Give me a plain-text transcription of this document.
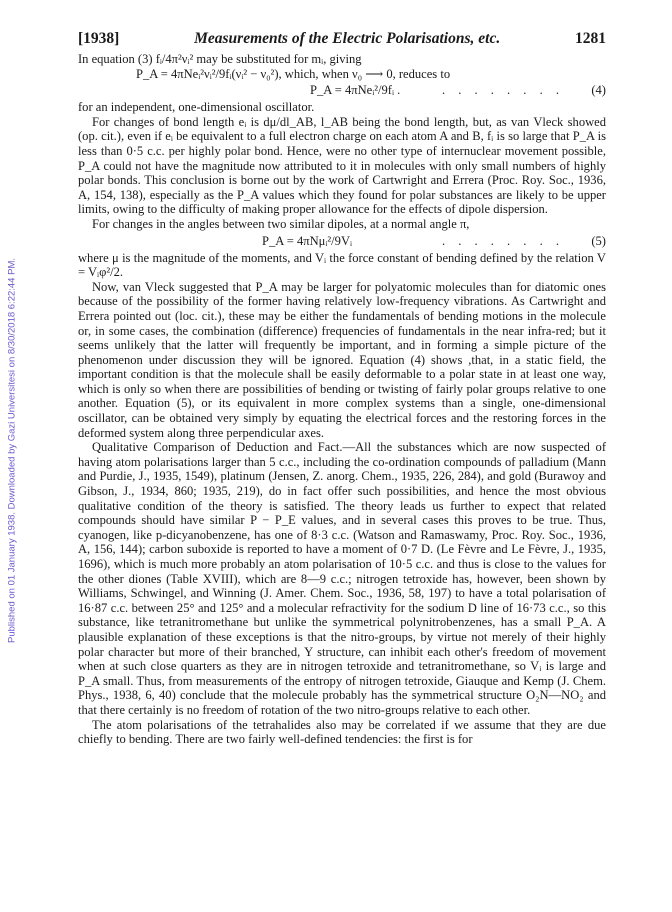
Published on 01 January 1938. Downloaded by Gazi Universitesi on 8/30/2018 6:22:44 PM.
[1938]	Measurements of the Electric Polarisations, etc.	1281

In equation (3) fᵢ/4π²νᵢ² may be substituted for mᵢ, giving

P_A = 4πNeᵢ²νᵢ²/9fᵢ(νᵢ² − ν₀²), which, when ν₀ ⟶ 0, reduces to

P_A = 4πNeᵢ²/9fᵢ .	. . . . . . . .	(4)

for an independent, one-dimensional oscillator.

For changes of bond length eᵢ is dμ/dl_AB, l_AB being the bond length, but, as van Vleck showed (op. cit.), even if eᵢ be equivalent to a full electron charge on each atom A and B, fᵢ is so large that P_A is less than 0·5 c.c. per highly polar bond. Hence, were no other type of internuclear movement possible, P_A could not have the magnitude now attributed to it in molecules with only small numbers of highly polar bonds. This conclusion is borne out by the work of Cartwright and Errera (Proc. Roy. Soc., 1936, A, 154, 138), especially as the P_A values which they found for polar substances are likely to be upper limits, owing to the difficulty of making proper allowance for the effects of dipole dispersion.

For changes in the angles between two similar dipoles, at a normal angle π,

P_A = 4πNμᵢ²/9Vᵢ	. . . . . . . .	(5)

where μ is the magnitude of the moments, and Vᵢ the force constant of bending defined by the relation V = Vᵢφ²/2.

Now, van Vleck suggested that P_A may be larger for polyatomic molecules than for diatomic ones because of the possibility of the former having relatively low-frequency vibrations. As Cartwright and Errera pointed out (loc. cit.), these may be either the fundamentals of bending motions in the molecule or, in some cases, the combination (difference) frequencies of fundamentals in the near infra-red; but it seems unlikely that the latter will frequently be important, and in forming a simple picture of the phenomenon under discussion they will be ignored. Equation (4) shows ,that, in a static field, the important condition is that the molecule shall be easily deformable to a polar state in at least one way, which is only so when there are possibilities of bending or twisting of fairly polar groups relative to one another. Equation (5), or its equivalent in more complex systems than a single, one-dimensional oscillator, can be obtained very simply by equating the electrical forces and the restoring forces in the deformed system along three perpendicular axes.

Qualitative Comparison of Deduction and Fact.—All the substances which are now suspected of having atom polarisations larger than 5 c.c., including the co-ordination compounds of palladium (Mann and Purdie, J., 1935, 1549), platinum (Jensen, Z. anorg. Chem., 1935, 226, 284), and gold (Burawoy and Gibson, J., 1934, 860; 1935, 219), do in fact offer such possibilities, and hence the most obvious qualitative condition of the theory is satisfied. The theory leads us further to expect that related compounds should have similar P − P_E values, and in several cases this proves to be true. Thus, cyanogen, like p-dicyanobenzene, has one of 8·3 c.c. (Watson and Ramaswamy, Proc. Roy. Soc., 1936, A, 156, 144); carbon suboxide is reported to have a moment of 0·7 D. (Le Fèvre and Le Fèvre, J., 1935, 1696), which is much more probably an atom polarisation of 10·5 c.c. and thus is close to the values for the other diones (Table XVIII), which are 8—9 c.c.; nitrogen tetroxide has, however, been shown by Williams, Schwingel, and Winning (J. Amer. Chem. Soc., 1936, 58, 197) to have a total polarisation of 16·87 c.c. between 25° and 125° and a molecular refractivity for the sodium D line of 16·73 c.c., so this substance, like tetranitromethane but unlike the symmetrical polynitrobenzenes, has a small P_A. A plausible explanation of these exceptions is that the nitro-groups, by virtue not merely of their highly polar character but more of their branched, Y structure, can inhibit each other's freedom of movement when at such close quarters as they are in nitrogen tetroxide and tetranitromethane, so Vᵢ is large and P_A small. Thus, from measurements of the entropy of nitrogen tetroxide, Giauque and Kemp (J. Chem. Phys., 1938, 6, 40) conclude that the molecule probably has the symmetrical structure O₂N—NO₂ and that there certainly is no freedom of rotation of the two nitro-groups relative to each other.

The atom polarisations of the tetrahalides also may be correlated if we assume that they are due chiefly to bending. There are two fairly well-defined tendencies: the first is for
